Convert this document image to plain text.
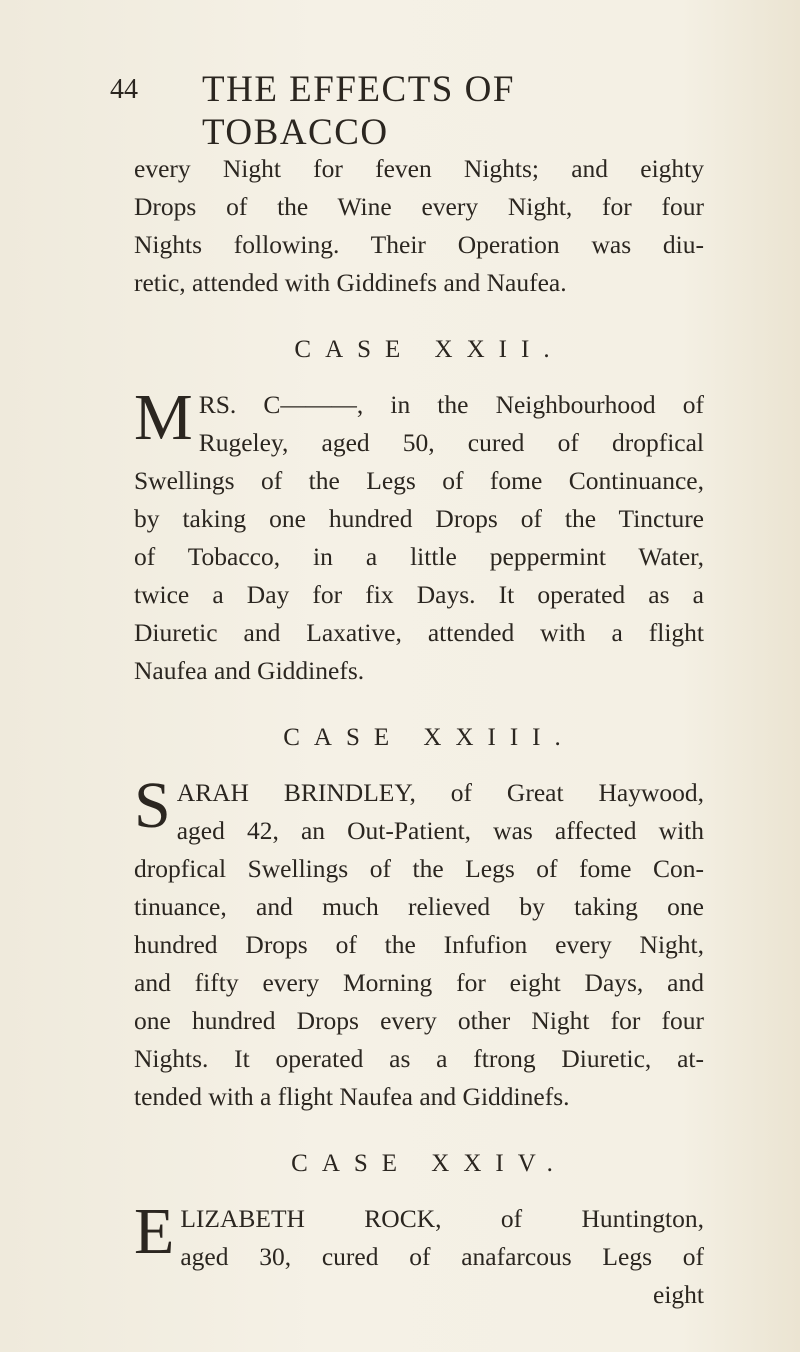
44 THE EFFECTS OF TOBACCO

every Night for feven Nights; and eighty
Drops of the Wine every Night, for four
Nights following. Their Operation was diu-
retic, attended with Giddinefs and Naufea.

CASE XXII.

M RS. C———, in the Neighbourhood of
Rugeley, aged 50, cured of dropfical
Swellings of the Legs of fome Continuance,
by taking one hundred Drops of the Tincture
of Tobacco, in a little peppermint Water,
twice a Day for fix Days. It operated as a
Diuretic and Laxative, attended with a flight
Naufea and Giddinefs.

CASE XXIII.

S ARAH BRINDLEY, of Great Haywood,
aged 42, an Out-Patient, was affected with
dropfical Swellings of the Legs of fome Con-
tinuance, and much relieved by taking one
hundred Drops of the Infufion every Night,
and fifty every Morning for eight Days, and
one hundred Drops every other Night for four
Nights. It operated as a ftrong Diuretic, at-
tended with a flight Naufea and Giddinefs.

CASE XXIV.

E LIZABETH ROCK, of Huntington,
aged 30, cured of anafarcous Legs of
eight
